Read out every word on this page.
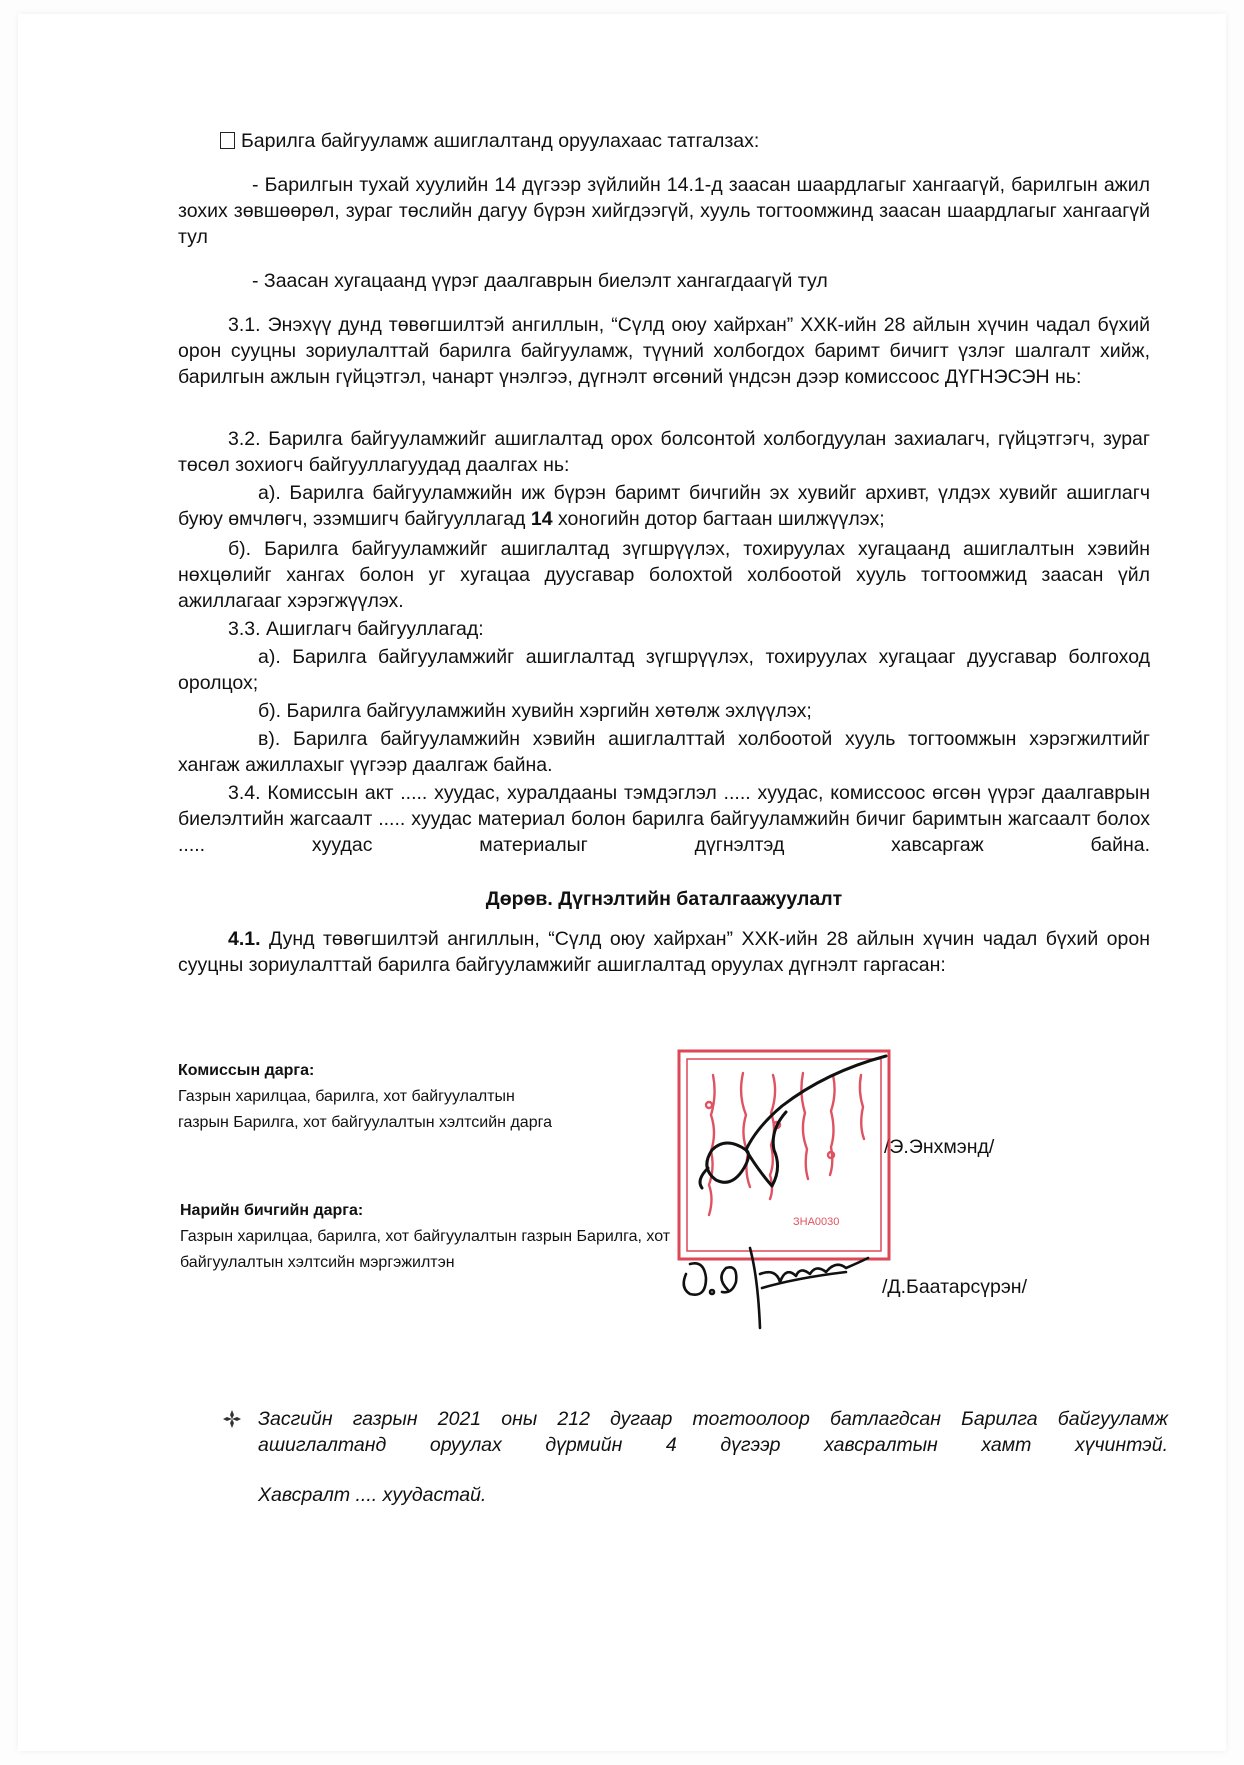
Барилга байгууламж ашиглалтанд оруулахаас татгалзах:

- Барилгын тухай хуулийн 14 дүгээр зүйлийн 14.1-д заасан шаардлагыг хангаагүй, барилгын ажил зохих зөвшөөрөл, зураг төслийн дагуу бүрэн хийгдээгүй, хууль тогтоомжинд заасан шаардлагыг хангаагүй тул

- Заасан хугацаанд үүрэг даалгаврын биелэлт хангагдаагүй тул

3.1. Энэхүү дунд төвөгшилтэй ангиллын, “Сүлд оюу хайрхан” ХХК-ийн 28 айлын хүчин чадал бүхий орон сууцны зориулалттай барилга байгууламж, түүний холбогдох баримт бичигт үзлэг шалгалт хийж, барилгын ажлын гүйцэтгэл, чанарт үнэлгээ, дүгнэлт өгсөний үндсэн дээр комиссоос ДҮГНЭСЭН нь:

3.2. Барилга байгууламжийг ашиглалтад орох болсонтой холбогдуулан захиалагч, гүйцэтгэгч, зураг төсөл зохиогч байгууллагуудад даалгах нь:

а). Барилга байгууламжийн иж бүрэн баримт бичгийн эх хувийг архивт, үлдэх хувийг ашиглагч буюу өмчлөгч, эзэмшигч байгууллагад 14 хоногийн дотор багтаан шилжүүлэх;

б). Барилга байгууламжийг ашиглалтад зүгшрүүлэх, тохируулах хугацаанд ашиглалтын хэвийн нөхцөлийг хангах болон уг хугацаа дуусгавар болохтой холбоотой хууль тогтоомжид заасан үйл ажиллагааг хэрэгжүүлэх.

3.3. Ашиглагч байгууллагад:

а). Барилга байгууламжийг ашиглалтад зүгшрүүлэх, тохируулах хугацааг дуусгавар болгоход оролцох;

б). Барилга байгууламжийн хувийн хэргийн хөтөлж эхлүүлэх;

в). Барилга байгууламжийн хэвийн ашиглалттай холбоотой хууль тогтоомжын хэрэгжилтийг хангаж ажиллахыг үүгээр даалгаж байна.

3.4. Комиссын акт ..... хуудас, хуралдааны тэмдэглэл ..... хуудас, комиссоос өгсөн үүрэг даалгаврын биелэлтийн жагсаалт ..... хуудас материал болон барилга байгууламжийн бичиг баримтын жагсаалт болох ..... хуудас материалыг дүгнэлтэд хавсаргаж байна.

Дөрөв. Дүгнэлтийн баталгаажуулалт

4.1. Дунд төвөгшилтэй ангиллын, “Сүлд оюу хайрхан” ХХК-ийн 28 айлын хүчин чадал бүхий орон сууцны зориулалттай барилга байгууламжийг ашиглалтад оруулах дүгнэлт гаргасан:

Комиссын дарга:

Газрын харилцаа, барилга, хот байгуулалтын газрын Барилга, хот байгуулалтын хэлтсийн дарга

/Э.Энхмэнд/

Нарийн бичгийн дарга:

Газрын харилцаа, барилга, хот байгуулалтын газрын Барилга, хот байгуулалтын хэлтсийн мэргэжилтэн

/Д.Баатарсүрэн/
ЗНА0030

Засгийн газрын 2021 оны 212 дугаар тогтоолоор батлагдсан Барилга байгууламж ашиглалтанд оруулах дүрмийн 4 дүгээр хавсралтын хамт хүчинтэй.

Хавсралт .... хуудастай.
